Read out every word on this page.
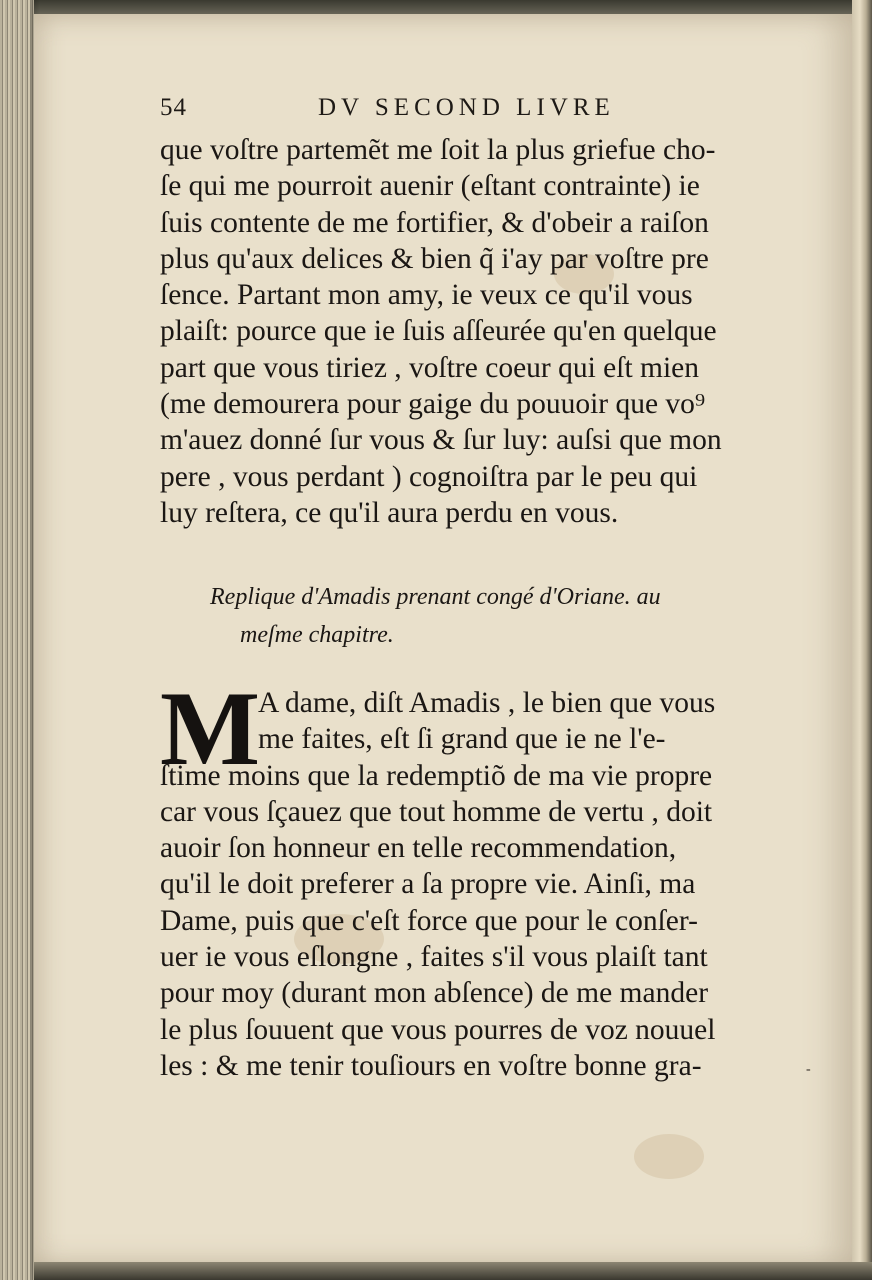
54	DV SECOND LIVRE
que voſtre partemẽt me ſoit la plus griefue cho-
ſe qui me pourroit auenir (eſtant contrainte) ie
ſuis contente de me fortifier, & d'obeir a raiſon
plus qu'aux delices & bien q̃ i'ay par voſtre pre
ſence. Partant mon amy, ie veux ce qu'il vous
plaiſt: pource que ie ſuis aſſeurée qu'en quelque
part que vous tiriez , voſtre coeur qui eſt mien
(me demourera pour gaige du pouuoir que vo⁹
m'auez donné ſur vous & ſur luy: auſsi que mon
pere , vous perdant ) cognoiſtra par le peu qui
luy reſtera, ce qu'il aura perdu en vous.
Replique d'Amadis prenant congé d'Oriane. au
meſme chapitre.
M
A dame, diſt Amadis , le bien que vous
me faites, eſt ſi grand que ie ne l'e-
ſtime moins que la redemptiõ de ma vie propre
car vous ſçauez que tout homme de vertu , doit
auoir ſon honneur en telle recommendation,
qu'il le doit preferer a ſa propre vie. Ainſi, ma
Dame, puis que c'eſt force que pour le conſer-
uer ie vous eſlongne , faites s'il vous plaiſt tant
pour moy (durant mon abſence) de me mander
le plus ſouuent que vous pourres de voz nouuel
les : & me tenir touſiours en voſtre bonne gra-	-
